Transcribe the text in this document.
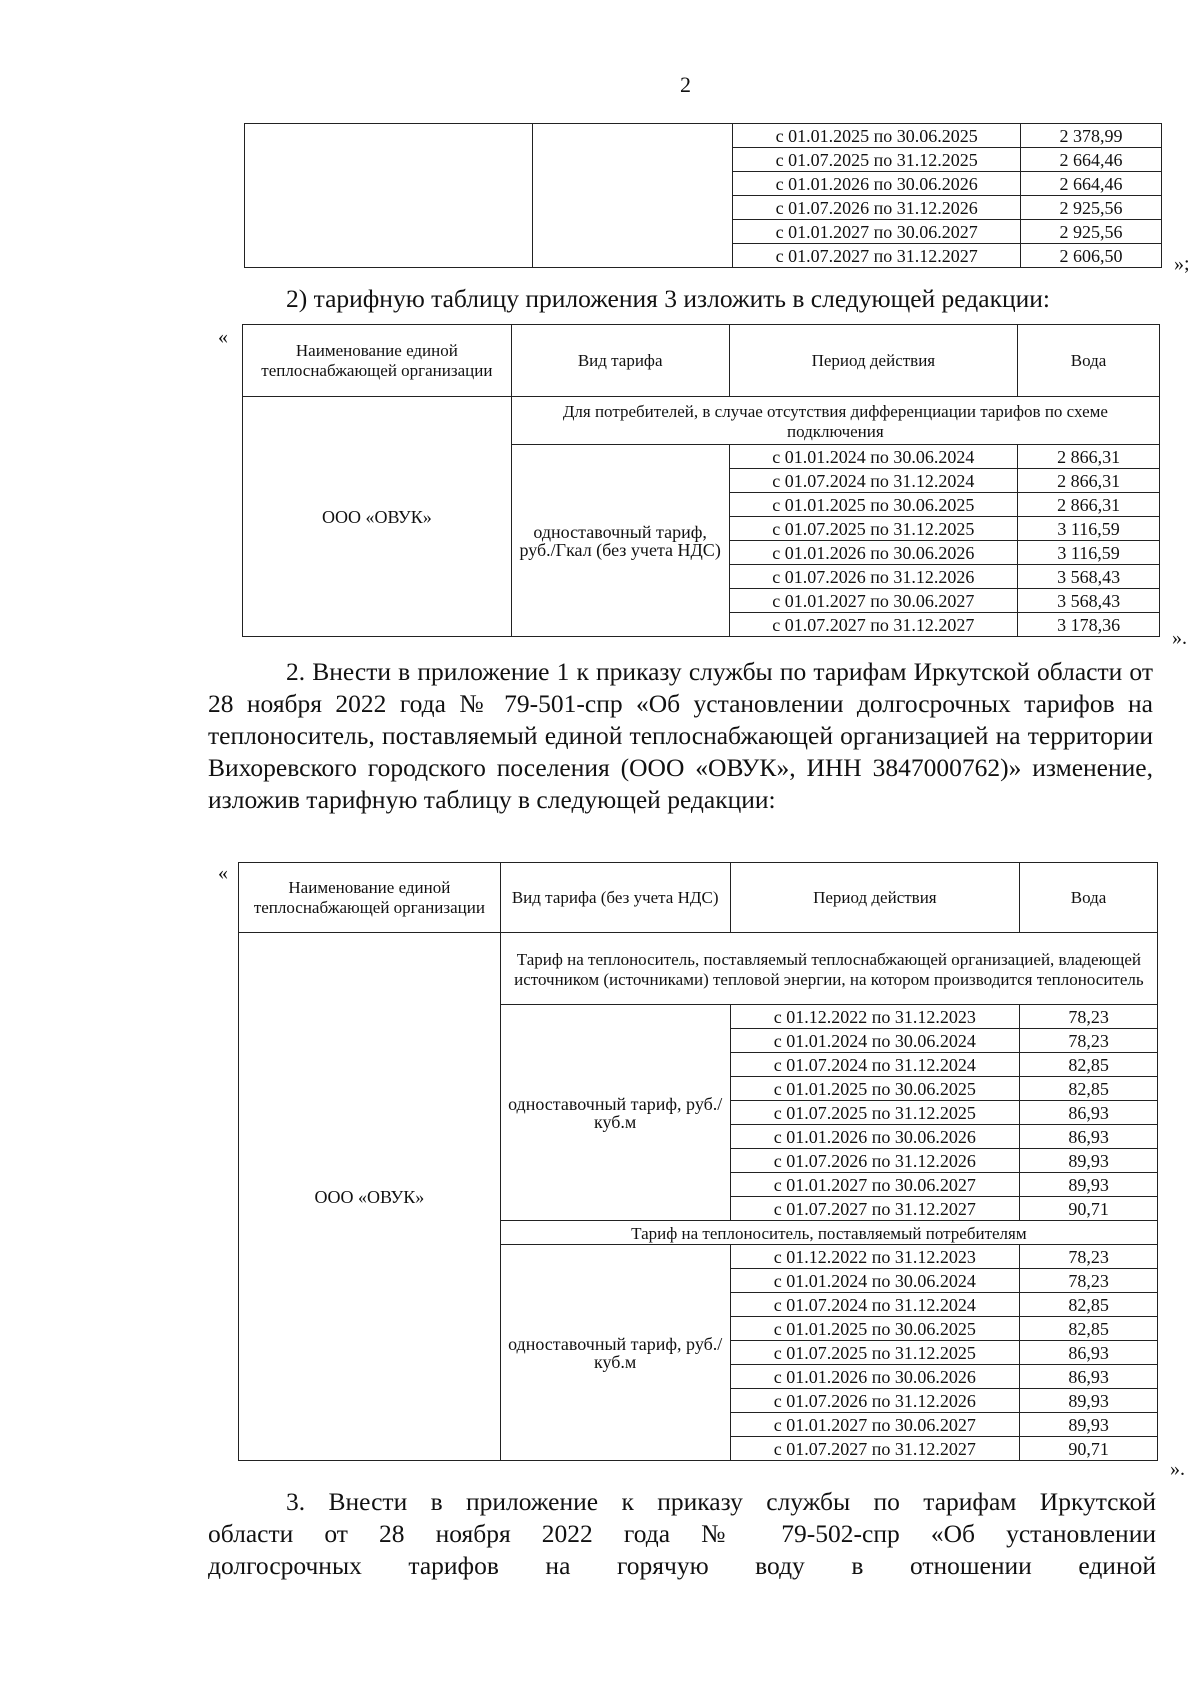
2
		с 01.01.2025 по 30.06.2025	2 378,99
		с 01.07.2025 по 31.12.2025	2 664,46
		с 01.01.2026 по 30.06.2026	2 664,46
		с 01.07.2026 по 31.12.2026	2 925,56
		с 01.01.2027 по 30.06.2027	2 925,56
		с 01.07.2027 по 31.12.2027	2 606,50	»;
2) тарифную таблицу приложения 3 изложить в следующей редакции:
«
Наименование единой теплоснабжающей организации	Вид тарифа	Период действия	Вода
ООО «ОВУК»	Для потребителей, в случае отсутствия дифференциации тарифов по схеме подключения		
	одноставочный тариф, руб./Гкал (без учета НДС)	с 01.01.2024 по 30.06.2024	2 866,31
		с 01.07.2024 по 31.12.2024	2 866,31
		с 01.01.2025 по 30.06.2025	2 866,31
		с 01.07.2025 по 31.12.2025	3 116,59
		с 01.01.2026 по 30.06.2026	3 116,59
		с 01.07.2026 по 31.12.2026	3 568,43
		с 01.01.2027 по 30.06.2027	3 568,43
		с 01.07.2027 по 31.12.2027	3 178,36
».

2. Внести в приложение 1 к приказу службы по тарифам Иркутской области от 28 ноября 2022 года № 79-501-спр «Об установлении долгосрочных тарифов на теплоноситель, поставляемый единой теплоснабжающей организацией на территории Вихоревского городского поселения (ООО «ОВУК», ИНН 3847000762)» изменение, изложив тарифную таблицу в следующей редакции:

«
Наименование единой теплоснабжающей организации	Вид тарифа (без учета НДС)	Период действия	Вода
ООО «ОВУК»	Тариф на теплоноситель, поставляемый теплоснабжающей организацией, владеющей источником (источниками) тепловой энергии, на котором производится теплоноситель		
	одноставочный тариф, руб./куб.м	с 01.12.2022 по 31.12.2023	78,23
		с 01.01.2024 по 30.06.2024	78,23
		с 01.07.2024 по 31.12.2024	82,85
		с 01.01.2025 по 30.06.2025	82,85
		с 01.07.2025 по 31.12.2025	86,93
		с 01.01.2026 по 30.06.2026	86,93
		с 01.07.2026 по 31.12.2026	89,93
		с 01.01.2027 по 30.06.2027	89,93
		с 01.07.2027 по 31.12.2027	90,71
	Тариф на теплоноситель, поставляемый потребителям		
	одноставочный тариф, руб./куб.м	с 01.12.2022 по 31.12.2023	78,23
		с 01.01.2024 по 30.06.2024	78,23
		с 01.07.2024 по 31.12.2024	82,85
		с 01.01.2025 по 30.06.2025	82,85
		с 01.07.2025 по 31.12.2025	86,93
		с 01.01.2026 по 30.06.2026	86,93
		с 01.07.2026 по 31.12.2026	89,93
		с 01.01.2027 по 30.06.2027	89,93
		с 01.07.2027 по 31.12.2027	90,71
».
3. Внести в приложение к приказу службы по тарифам Иркутской
области от 28 ноября 2022 года № 79-502-спр «Об установлении
долгосрочных тарифов на горячую воду в отношении единой
